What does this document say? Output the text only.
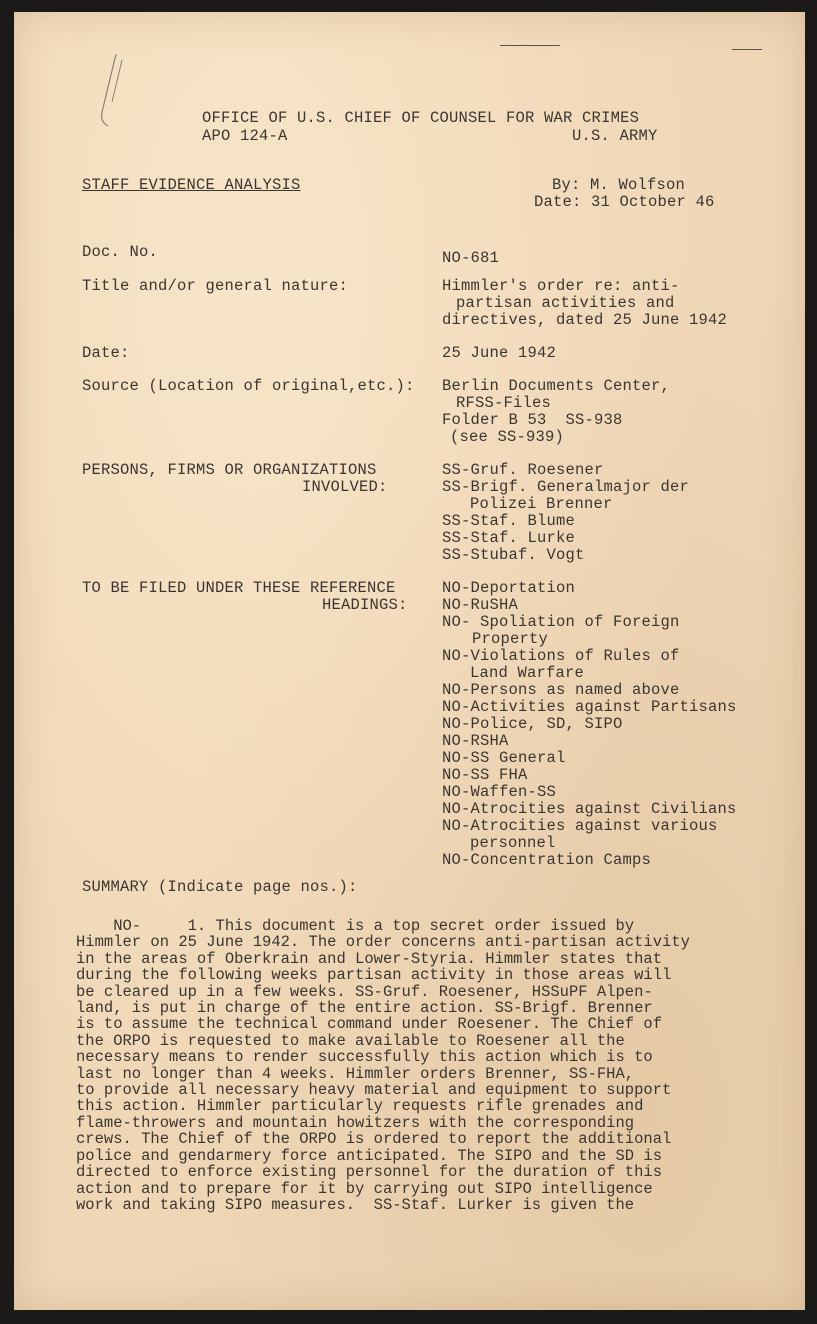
OFFICE OF U.S. CHIEF OF COUNSEL FOR WAR CRIMES
APO 124-A	U.S. ARMY
STAFF EVIDENCE ANALYSIS	By: M. Wolfson
Date: 31 October 46
Doc. No.	NO-681
Title and/or general nature:	Himmler's order re: anti-
partisan activities and
directives, dated 25 June 1942
Date:	25 June 1942
Source (Location of original,etc.): Berlin Documents Center,
RFSS-Files
Folder B 53  SS-938
(see SS-939)
PERSONS, FIRMS OR ORGANIZATIONS
INVOLVED:
SS-Gruf. Roesener
SS-Brigf. Generalmajor der
Polizei Brenner
SS-Staf. Blume
SS-Staf. Lurke
SS-Stubaf. Vogt
TO BE FILED UNDER THESE REFERENCE
HEADINGS:
NO-Deportation
NO-RuSHA
NO- Spoliation of Foreign
Property
NO-Violations of Rules of
Land Warfare
NO-Persons as named above
NO-Activities against Partisans
NO-Police, SD, SIPO
NO-RSHA
NO-SS General
NO-SS FHA
NO-Waffen-SS
NO-Atrocities against Civilians
NO-Atrocities against various
personnel
NO-Concentration Camps
SUMMARY (Indicate page nos.):
NO-     1. This document is a top secret order issued by
Himmler on 25 June 1942. The order concerns anti-partisan activity
in the areas of Oberkrain and Lower-Styria. Himmler states that
during the following weeks partisan activity in those areas will
be cleared up in a few weeks. SS-Gruf. Roesener, HSSuPF Alpen-
land, is put in charge of the entire action. SS-Brigf. Brenner
is to assume the technical command under Roesener. The Chief of
the ORPO is requested to make available to Roesener all the
necessary means to render successfully this action which is to
last no longer than 4 weeks. Himmler orders Brenner, SS-FHA,
to provide all necessary heavy material and equipment to support
this action. Himmler particularly requests rifle grenades and
flame-throwers and mountain howitzers with the corresponding
crews. The Chief of the ORPO is ordered to report the additional
police and gendarmery force anticipated. The SIPO and the SD is
directed to enforce existing personnel for the duration of this
action and to prepare for it by carrying out SIPO intelligence
work and taking SIPO measures.  SS-Staf. Lurker is given the
